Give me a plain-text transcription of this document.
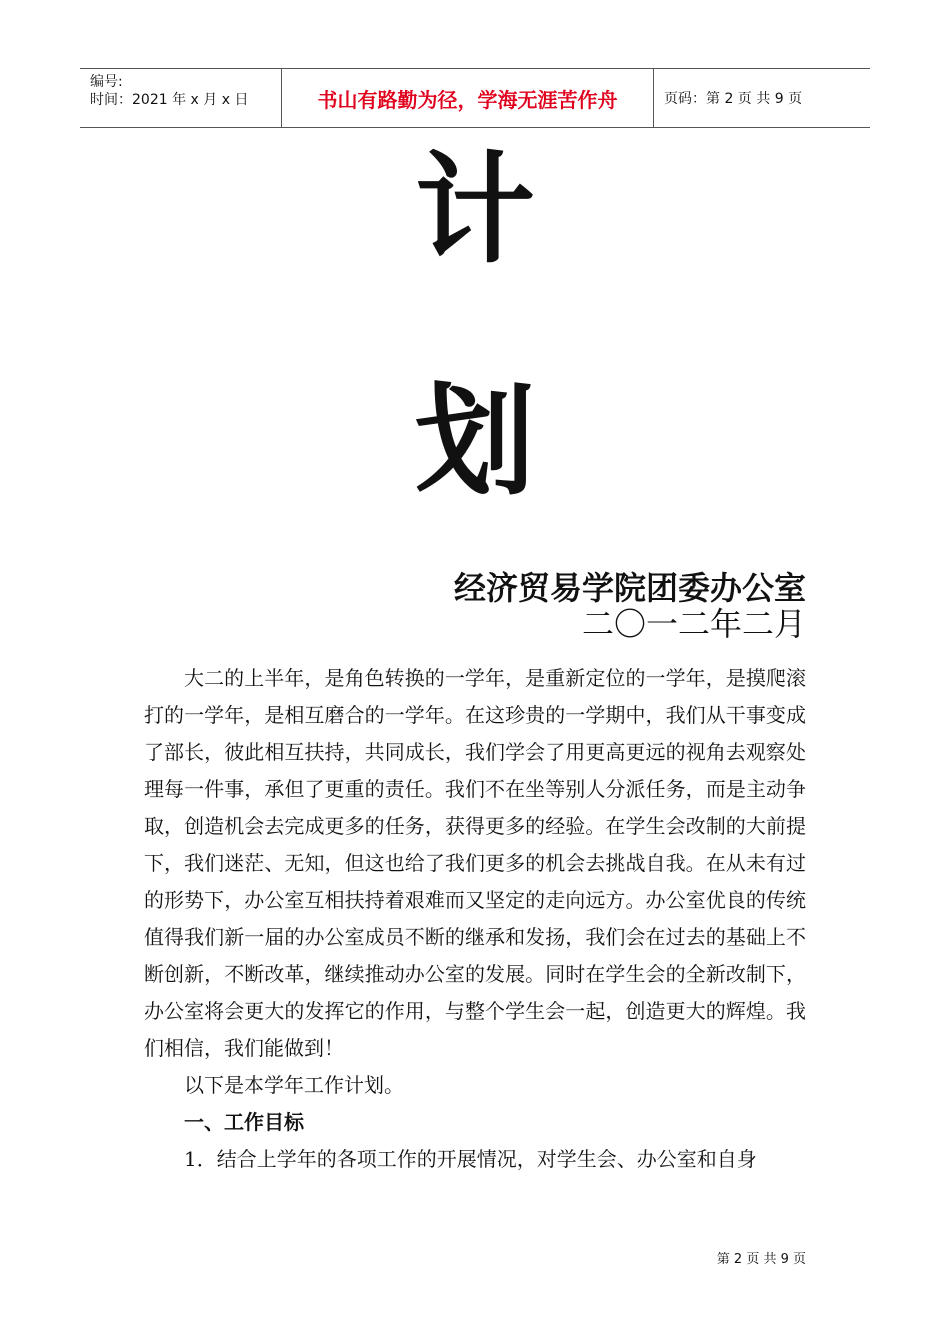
编号:
时间：2021 年 x 月 x 日	书山有路勤为径，学海无涯苦作舟	页码：第 2 页 共 9 页
计
划
经济贸易学院团委办公室
二〇一二年二月

大二的上半年，是角色转换的一学年，是重新定位的一学年，是摸爬滚打的一学年，是相互磨合的一学年。在这珍贵的一学期中，我们从干事变成了部长，彼此相互扶持，共同成长，我们学会了用更高更远的视角去观察处理每一件事，承但了更重的责任。我们不在坐等别人分派任务，而是主动争取，创造机会去完成更多的任务，获得更多的经验。在学生会改制的大前提下，我们迷茫、无知，但这也给了我们更多的机会去挑战自我。在从未有过的形势下，办公室互相扶持着艰难而又坚定的走向远方。办公室优良的传统值得我们新一届的办公室成员不断的继承和发扬，我们会在过去的基础上不断创新，不断改革，继续推动办公室的发展。同时在学生会的全新改制下，办公室将会更大的发挥它的作用，与整个学生会一起，创造更大的辉煌。我们相信，我们能做到！

以下是本学年工作计划。

一、工作目标

1．结合上学年的各项工作的开展情况，对学生会、办公室和自身

第 2 页 共 9 页
